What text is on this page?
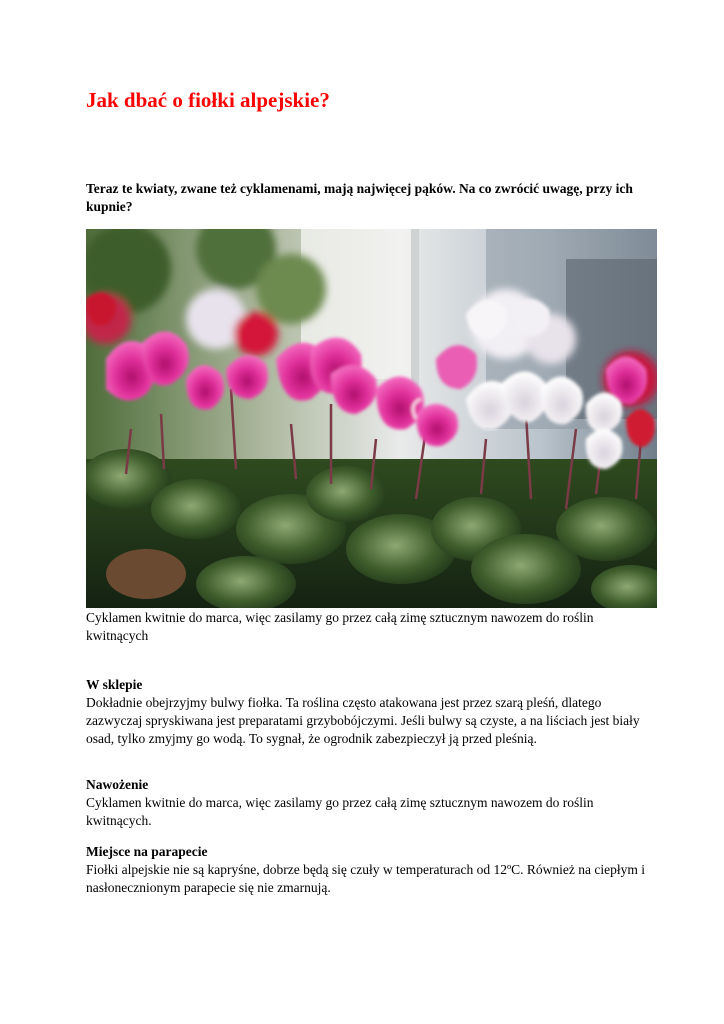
Jak dbać o fiołki alpejskie?

Teraz te kwiaty, zwane też cyklamenami, mają najwięcej pąków. Na co zwrócić uwagę, przy ich kupnie?

Cyklamen kwitnie do marca, więc zasilamy go przez całą zimę sztucznym nawozem do roślin kwitnących

W sklepie

Dokładnie obejrzyjmy bulwy fiołka. Ta roślina często atakowana jest przez szarą pleśń, dlatego zazwyczaj spryskiwana jest preparatami grzybobójczymi. Jeśli bulwy są czyste, a na liściach jest biały osad, tylko zmyjmy go wodą. To sygnał, że ogrodnik zabezpieczył ją przed pleśnią.

Nawożenie

Cyklamen kwitnie do marca, więc zasilamy go przez całą zimę sztucznym nawozem do roślin kwitnących.

Miejsce na parapecie

Fiołki alpejskie nie są kapryśne, dobrze będą się czuły w temperaturach od 12ºC. Również na ciepłym i nasłonecznionym parapecie się nie zmarnują.
